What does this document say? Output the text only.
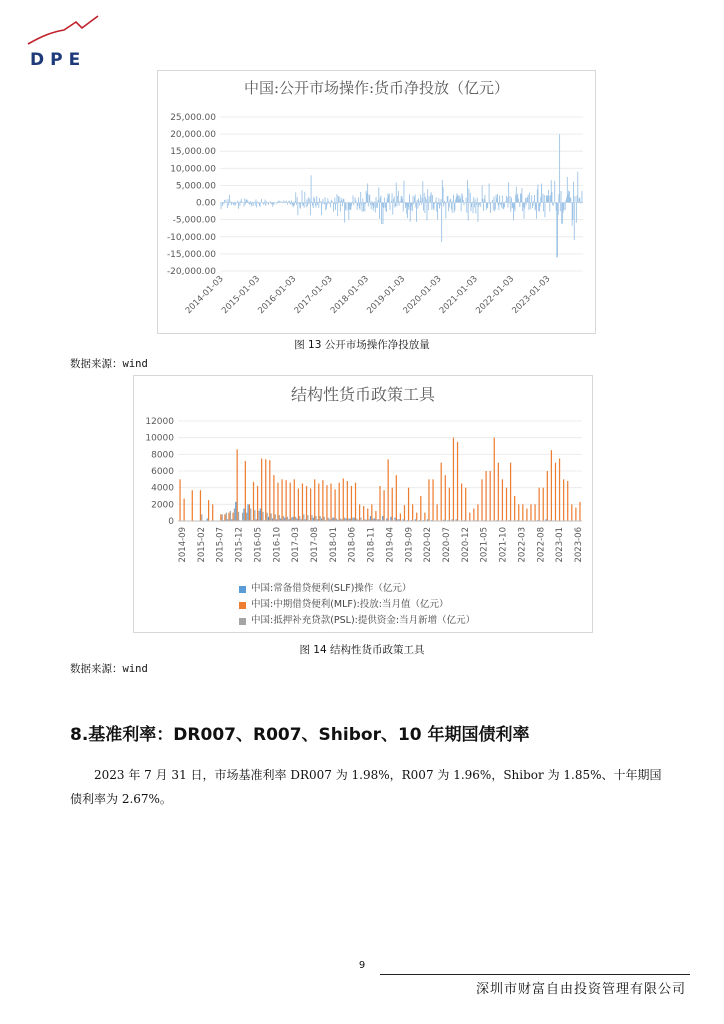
DPE
中国:公开市场操作:货币净投放（亿元）
25,000.00
20,000.00
15,000.00
10,000.00
5,000.00
0.00
-5,000.00
-10,000.00
-15,000.00
-20,000.00
2014-01-03
2015-01-03
2016-01-03
2017-01-03
2018-01-03
2019-01-03
2020-01-03
2021-01-03
2022-01-03
2023-01-03
图 13 公开市场操作净投放量
数据来源：wind
结构性货币政策工具
12000
10000
8000
6000
4000
2000
0
2014-09 2015-02 2015-07 2015-12 2016-05 2016-10 2017-03 2017-08 2018-01 2018-06 2018-11 2019-04 2019-09 2020-02 2020-07 2020-12 2021-05 2021-10 2022-03 2022-08 2023-01 2023-06
中国:常备借贷便利(SLF)操作（亿元）
中国:中期借贷便利(MLF):投放:当月值（亿元）
中国:抵押补充贷款(PSL):提供资金:当月新增（亿元）
图 14 结构性货币政策工具
数据来源：wind
8.基准利率：DR007、R007、Shibor、10 年期国债利率

2023 年 7 月 31 日，市场基准利率 DR007 为 1.98%，R007 为 1.96%，Shibor 为 1.85%、十年期国债利率为 2.67%。

9
深圳市财富自由投资管理有限公司
